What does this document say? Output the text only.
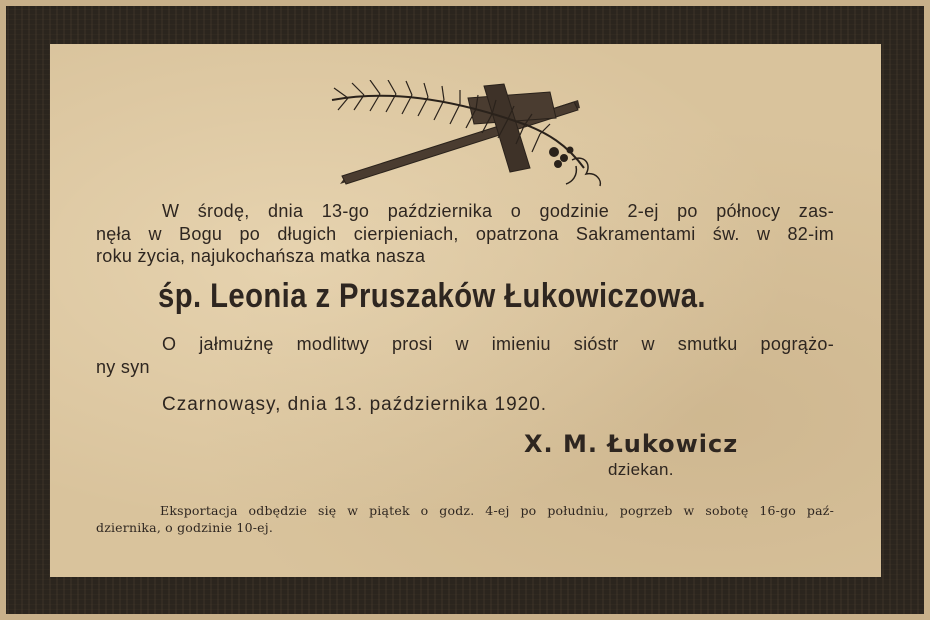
W środę, dnia 13-go października o godzinie 2-ej po północy zas-
nęła w Bogu po długich cierpieniach, opatrzona Sakramentami św. w 82-im
roku życia, najukochańsza matka nasza
śp. Leonia z Pruszaków Łukowiczowa.
O jałmużnę modlitwy prosi w imieniu sióstr w smutku pogrążo-
ny syn
Czarnowąsy, dnia 13. października 1920.
X. M. Łukowicz
dziekan.
Eksportacja odbędzie się w piątek o godz. 4-ej po południu, pogrzeb w sobotę 16-go paź-
dziernika, o godzinie 10-ej.
